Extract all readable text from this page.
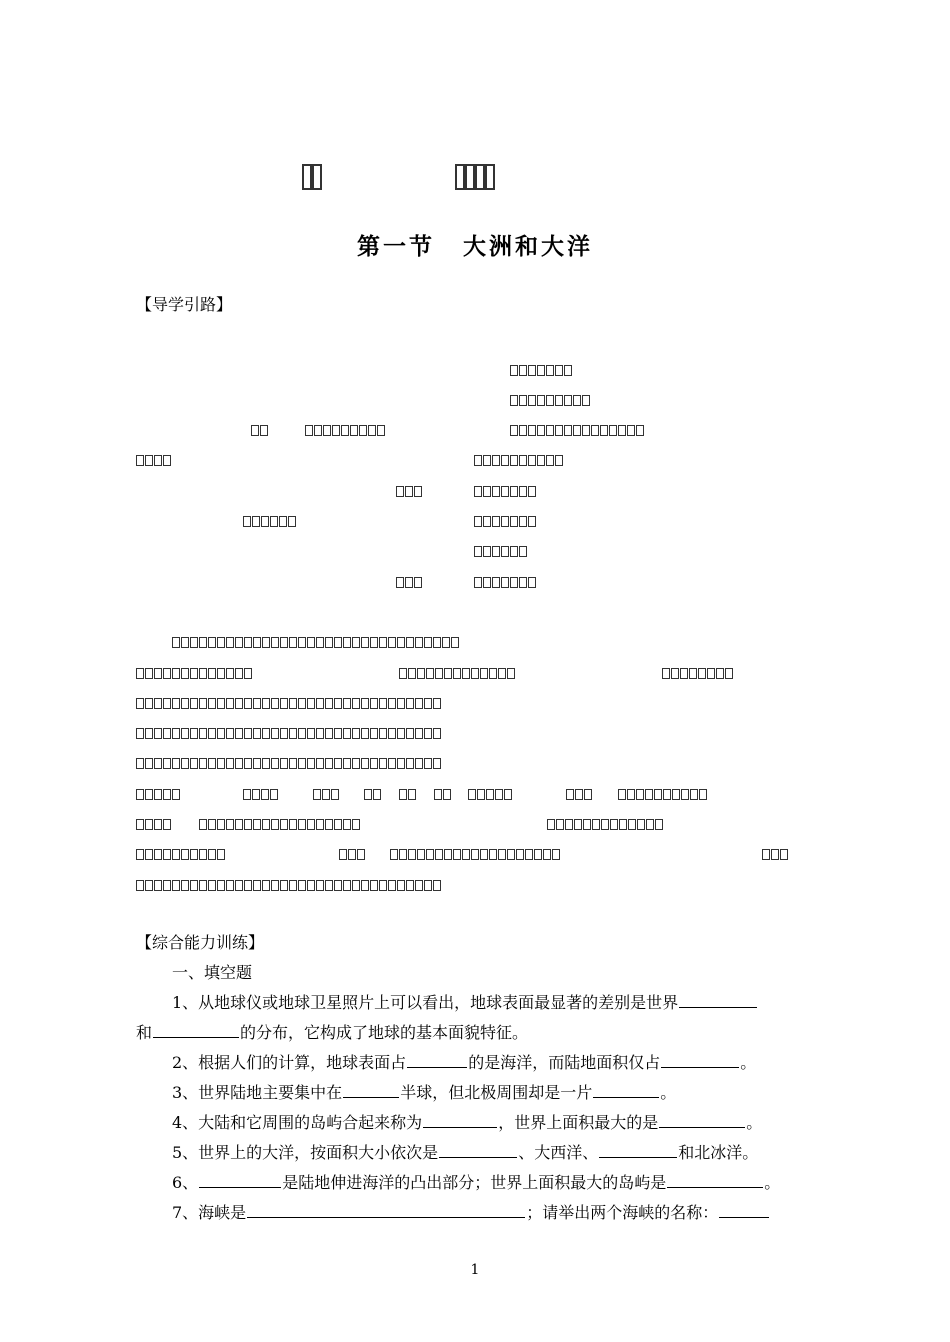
第一节 大洲和大洋
【导学引路】
【综合能力训练】
一、填空题
1、从地球仪或地球卫星照片上可以看出，地球表面最显著的差别是世界
和	的分布，它构成了地球的基本面貌特征。
2、根据人们的计算，地球表面占	的是海洋，而陆地面积仅占	。
3、世界陆地主要集中在	半球，但北极周围却是一片	。
4、大陆和它周围的岛屿合起来称为	，世界上面积最大的是	。
5、世界上的大洋，按面积大小依次是	、大西洋、	和北冰洋。
6、	是陆地伸进海洋的凸出部分；世界上面积最大的岛屿是	。
7、海峡是	；请举出两个海峡的名称：
1
